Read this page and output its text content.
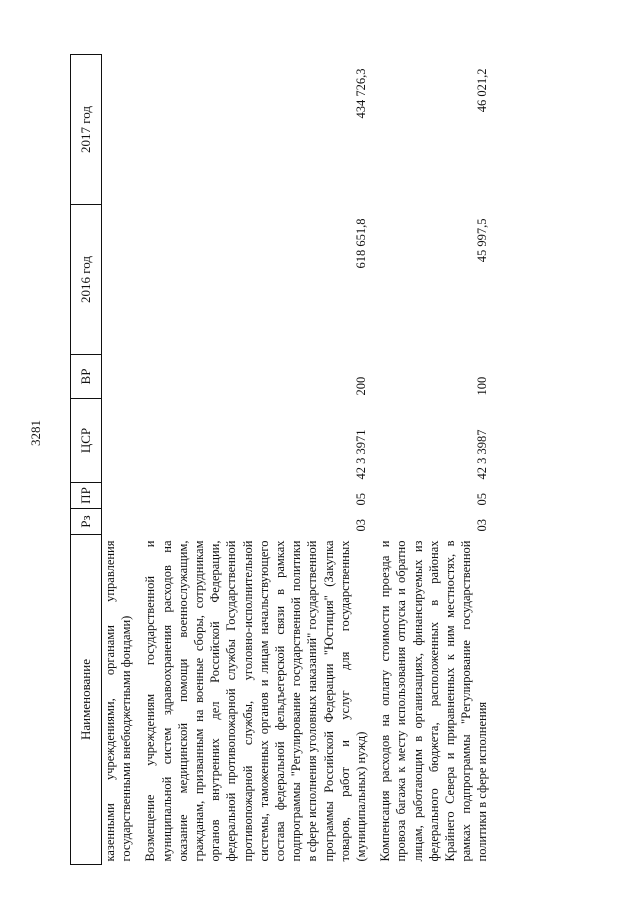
3281
Наименование	Рз	ПР	ЦСР	ВР	2016 год	2017 год
казенными учреждениями, органами управления государственными внебюджетными фондами)						

Возмещение учреждениям государственной и муниципальной систем здравоохранения расходов на оказание медицинской помощи военнослужащим, гражданам, призванным на военные сборы, сотрудникам органов внутренних дел Российской Федерации, федеральной противопожарной службы Государственной противопожарной службы, уголовно-исполнительной системы, таможенных органов и лицам начальствующего состава федеральной фельдъегерской связи в рамках подпрограммы "Регулирование государственной политики в сфере исполнения уголовных наказаний" государственной программы Российской Федерации "Юстиция" (Закупка товаров, работ и услуг для государственных (муниципальных) нужд)	03	05	42 3 3971	200	618 651,8	434 726,3

Компенсация расходов на оплату стоимости проезда и провоза багажа к месту использования отпуска и обратно лицам, работающим в организациях, финансируемых из федерального бюджета, расположенных в районах Крайнего Севера и приравненных к ним местностях, в рамках подпрограммы "Регулирование государственной политики в сфере исполнения	03	05	42 3 3987	100	45 997,5	46 021,2
